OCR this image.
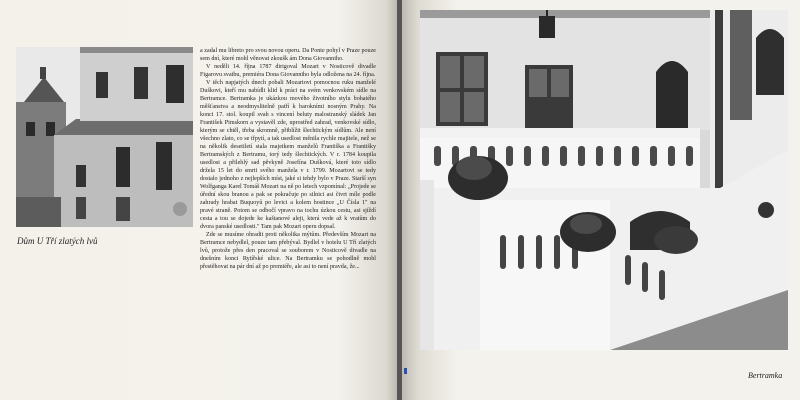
Dům U Tří zlatých lvů

a zadal mu libreto pro svou novou operu. Da Ponte pohyl v Praze pouze sem dní, které mohl věnovat zkoušk ám Dona Giovanniho.

V neděli 14. října 1787 dirigoval Mozart v Nosticově divadle Figarovu svatbu, premiéra Dona Giovanniho byla odložena na 24. října.

V těch napjatých dnech pobali Mozartovi pomocnou ruku manželé Duškovi, kteří mu nabídli klid k práci na svém venkovském sídle na Bertramce. Bertramka je ukázkou mového životního stylu bohatého měšťanstva a neodmyslitelně patří k barokními nosným Prahy. Na konci 17. stol. koupil svah s vincení beluty malostranský sládek Jan František Pimskorn a vystavěl zde, uprostřed zahrad, venkovské sídlo, kterým se chtěl, třeba skromně, přiblížit šlechtickým sídlům. Ale není všechno zlato, co se třpytí, a tak usedlost měnila rychle majitele, než se na několik desetiletí stala majetkem manželů Františka a Františky Bertramských z Bertramu, torý tedy šlechtických. V r. 1784 koupila usedlost a přilehlý sad pěvkyně Josefína Dušková, které toto sídlo držela 15 let do smrti svého manžela v r. 1799. Mozartovi se tedy dostalo jednoho z nejlepších míst, jaké si tehdy bylo v Praze. Starší syn Wolfganga Karel Tomáš Mozart na ně po letech vzpomínal: „Projede se úřední skou branou a pak se pokračuje po silnici asi čtvrt míle podle zahrady hrabat Buquoyů po levici a kolem hostince „U Čísla 1" na pravé straně. Potom se odbočí vpravo na tochu úzkou cestu, asi sjíždí cesta a tou se dojede ke kaštanové aleji, která vede až k vratům do dvora panské usedlosti." Tam pak Mozart operu dopsal.

Zde se musíme ohradit proti několika mýtům. Především Mozart na Bertramce nebydlel, pouze tam přebýval. Bydlel v hotelu U Tří zlatých lvů, protože přes den pracoval se souborem v Nosticově divadle na dnešním konci Rytířské ulice. Na Bertramku se pohodlně mohl přestěhovat na pár dní až po premiéře, ale asi to není pravda, že...

Bertramka
